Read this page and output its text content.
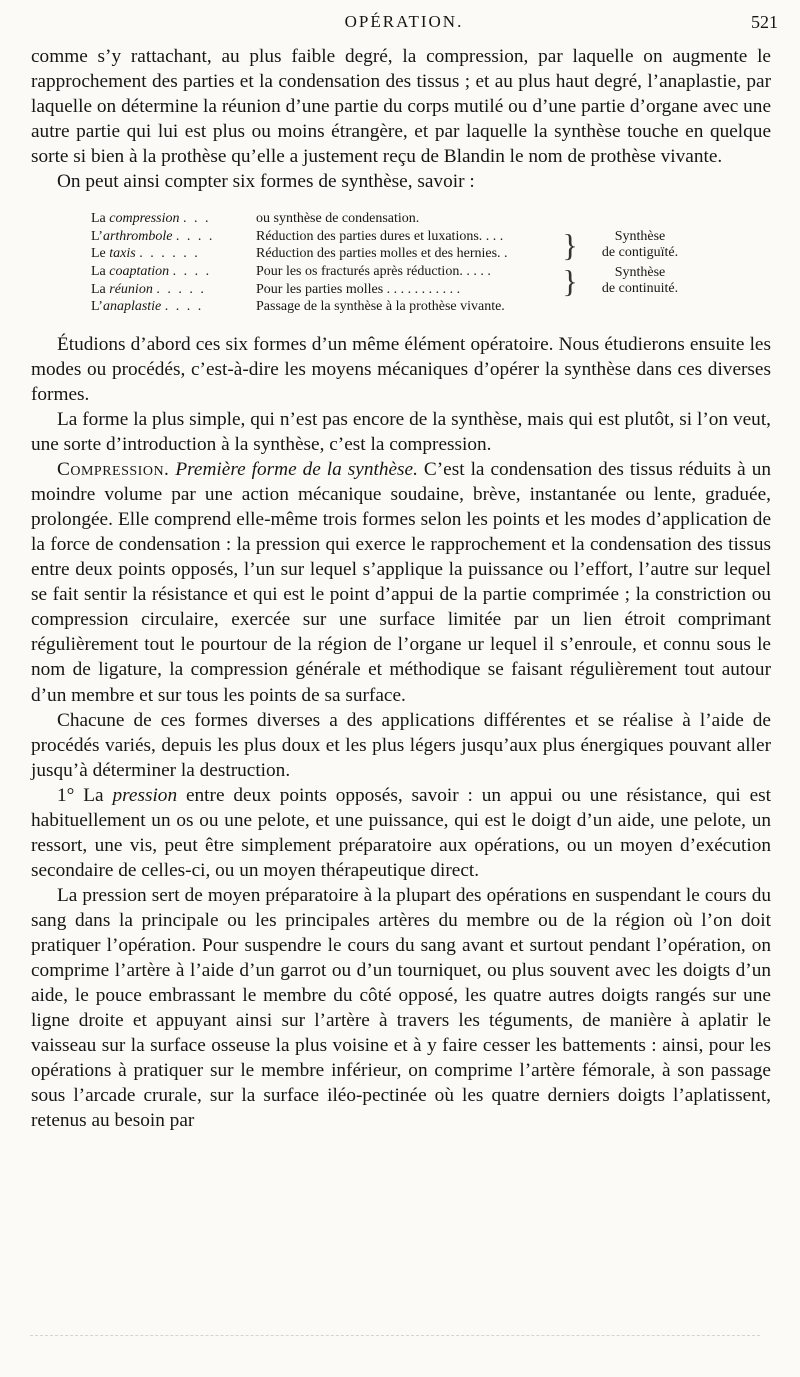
OPÉRATION.	521

comme s’y rattachant, au plus faible degré, la compression, par laquelle on augmente le rapprochement des parties et la condensation des tissus ; et au plus haut degré, l’anaplastie, par laquelle on détermine la réunion d’une partie du corps mutilé ou d’une partie d’organe avec une autre partie qui lui est plus ou moins étrangère, et par laquelle la synthèse touche en quelque sorte si bien à la prothèse qu’elle a justement reçu de Blandin le nom de prothèse vivante.

On peut ainsi compter six formes de synthèse, savoir :

La compression . . .	ou synthèse de condensation.		
L’arthrombole . . . .	Réduction des parties dures et luxations. . . .	}	Synthèse
de contiguïté.

Le taxis . . . . . .	Réduction des parties molles et des hernies. .		
La coaptation . . . .	Pour les os fracturés après réduction. . . . .	}	Synthèse
de continuité.

La réunion . . . . .	Pour les parties molles . . . . . . . . . . .		
L’anaplastie . . . .	Passage de la synthèse à la prothèse vivante.		

Étudions d’abord ces six formes d’un même élément opératoire. Nous étudierons ensuite les modes ou procédés, c’est-à-dire les moyens mécaniques d’opérer la synthèse dans ces diverses formes.

La forme la plus simple, qui n’est pas encore de la synthèse, mais qui est plutôt, si l’on veut, une sorte d’introduction à la synthèse, c’est la compression.

Compression. Première forme de la synthèse. C’est la condensation des tissus réduits à un moindre volume par une action mécanique soudaine, brève, instantanée ou lente, graduée, prolongée. Elle comprend elle-même trois formes selon les points et les modes d’application de la force de condensation : la pression qui exerce le rapprochement et la condensation des tissus entre deux points opposés, l’un sur lequel s’applique la puissance ou l’effort, l’autre sur lequel se fait sentir la résistance et qui est le point d’appui de la partie comprimée ; la constriction ou compression circulaire, exercée sur une surface limitée par un lien étroit comprimant régulièrement tout le pourtour de la région de l’organe ur lequel il s’enroule, et connu sous le nom de ligature, la compression générale et méthodique se faisant régulièrement tout autour d’un membre et sur tous les points de sa surface.

Chacune de ces formes diverses a des applications différentes et se réalise à l’aide de procédés variés, depuis les plus doux et les plus légers jusqu’aux plus énergiques pouvant aller jusqu’à déterminer la destruction.

1° La pression entre deux points opposés, savoir : un appui ou une résistance, qui est habituellement un os ou une pelote, et une puissance, qui est le doigt d’un aide, une pelote, un ressort, une vis, peut être simplement préparatoire aux opérations, ou un moyen d’exécution secondaire de celles-ci, ou un moyen thérapeutique direct.

La pression sert de moyen préparatoire à la plupart des opérations en suspendant le cours du sang dans la principale ou les principales artères du membre ou de la région où l’on doit pratiquer l’opération. Pour suspendre le cours du sang avant et surtout pendant l’opération, on comprime l’artère à l’aide d’un garrot ou d’un tourniquet, ou plus souvent avec les doigts d’un aide, le pouce embrassant le membre du côté opposé, les quatre autres doigts rangés sur une ligne droite et appuyant ainsi sur l’artère à travers les téguments, de manière à aplatir le vaisseau sur la surface osseuse la plus voisine et à y faire cesser les battements : ainsi, pour les opérations à pratiquer sur le membre inférieur, on comprime l’artère fémorale, à son passage sous l’arcade crurale, sur la surface iléo-pectinée où les quatre derniers doigts l’aplatissent, retenus au besoin par
